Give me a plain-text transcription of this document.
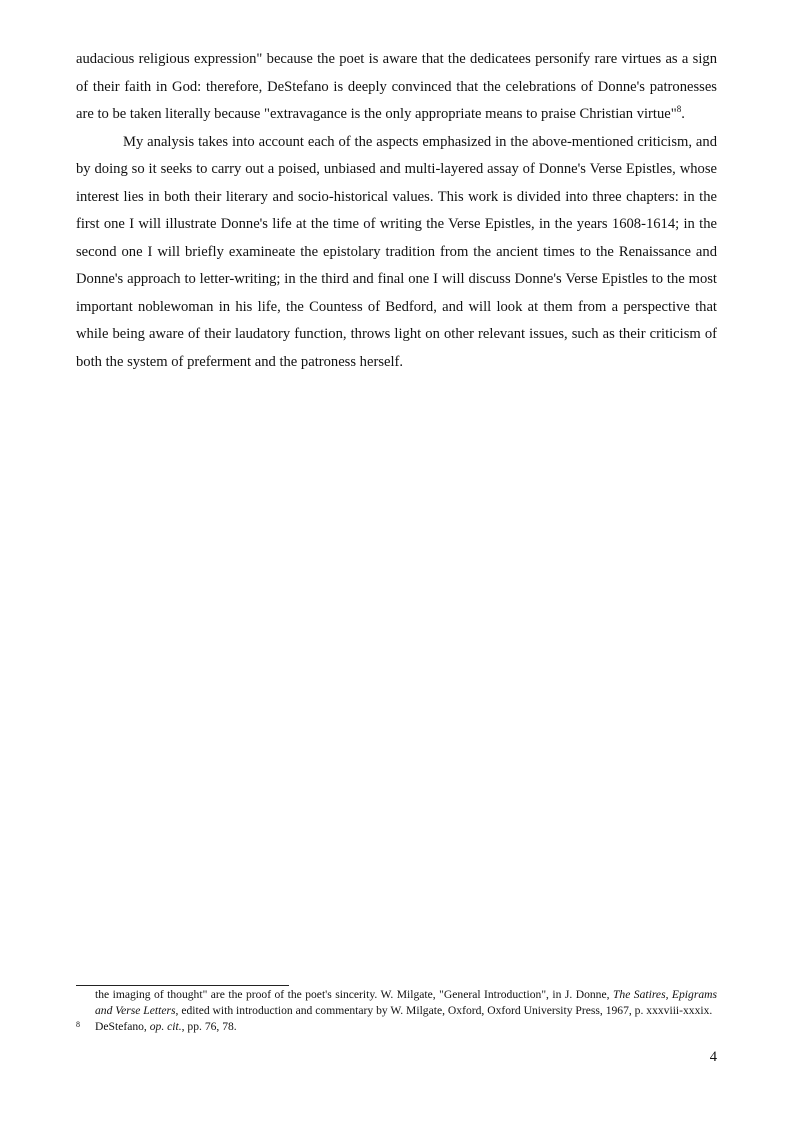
audacious religious expression" because the poet is aware that the dedicatees personify rare virtues as a sign of their faith in God: therefore, DeStefano is deeply convinced that the celebrations of Donne's patronesses are to be taken literally because "extravagance is the only appropriate means to praise Christian virtue"$^8$.

My analysis takes into account each of the aspects emphasized in the above-mentioned criticism, and by doing so it seeks to carry out a poised, unbiased and multi-layered assay of Donne's Verse Epistles, whose interest lies in both their literary and socio-historical values. This work is divided into three chapters: in the first one I will illustrate Donne's life at the time of writing the Verse Epistles, in the years 1608-1614; in the second one I will briefly examineate the epistolary tradition from the ancient times to the Renaissance and Donne's approach to letter-writing; in the third and final one I will discuss Donne's Verse Epistles to the most important noblewoman in his life, the Countess of Bedford, and will look at them from a perspective that while being aware of their laudatory function, throws light on other relevant issues, such as their criticism of both the system of preferment and the patroness herself.

the imaging of thought" are the proof of the poet's sincerity. W. Milgate, "General Introduction", in J. Donne, The Satires, Epigrams and Verse Letters, edited with introduction and commentary by W. Milgate, Oxford, Oxford University Press, 1967, p. xxxviii-xxxix.
8 DeStefano, op. cit., pp. 76, 78.
4
